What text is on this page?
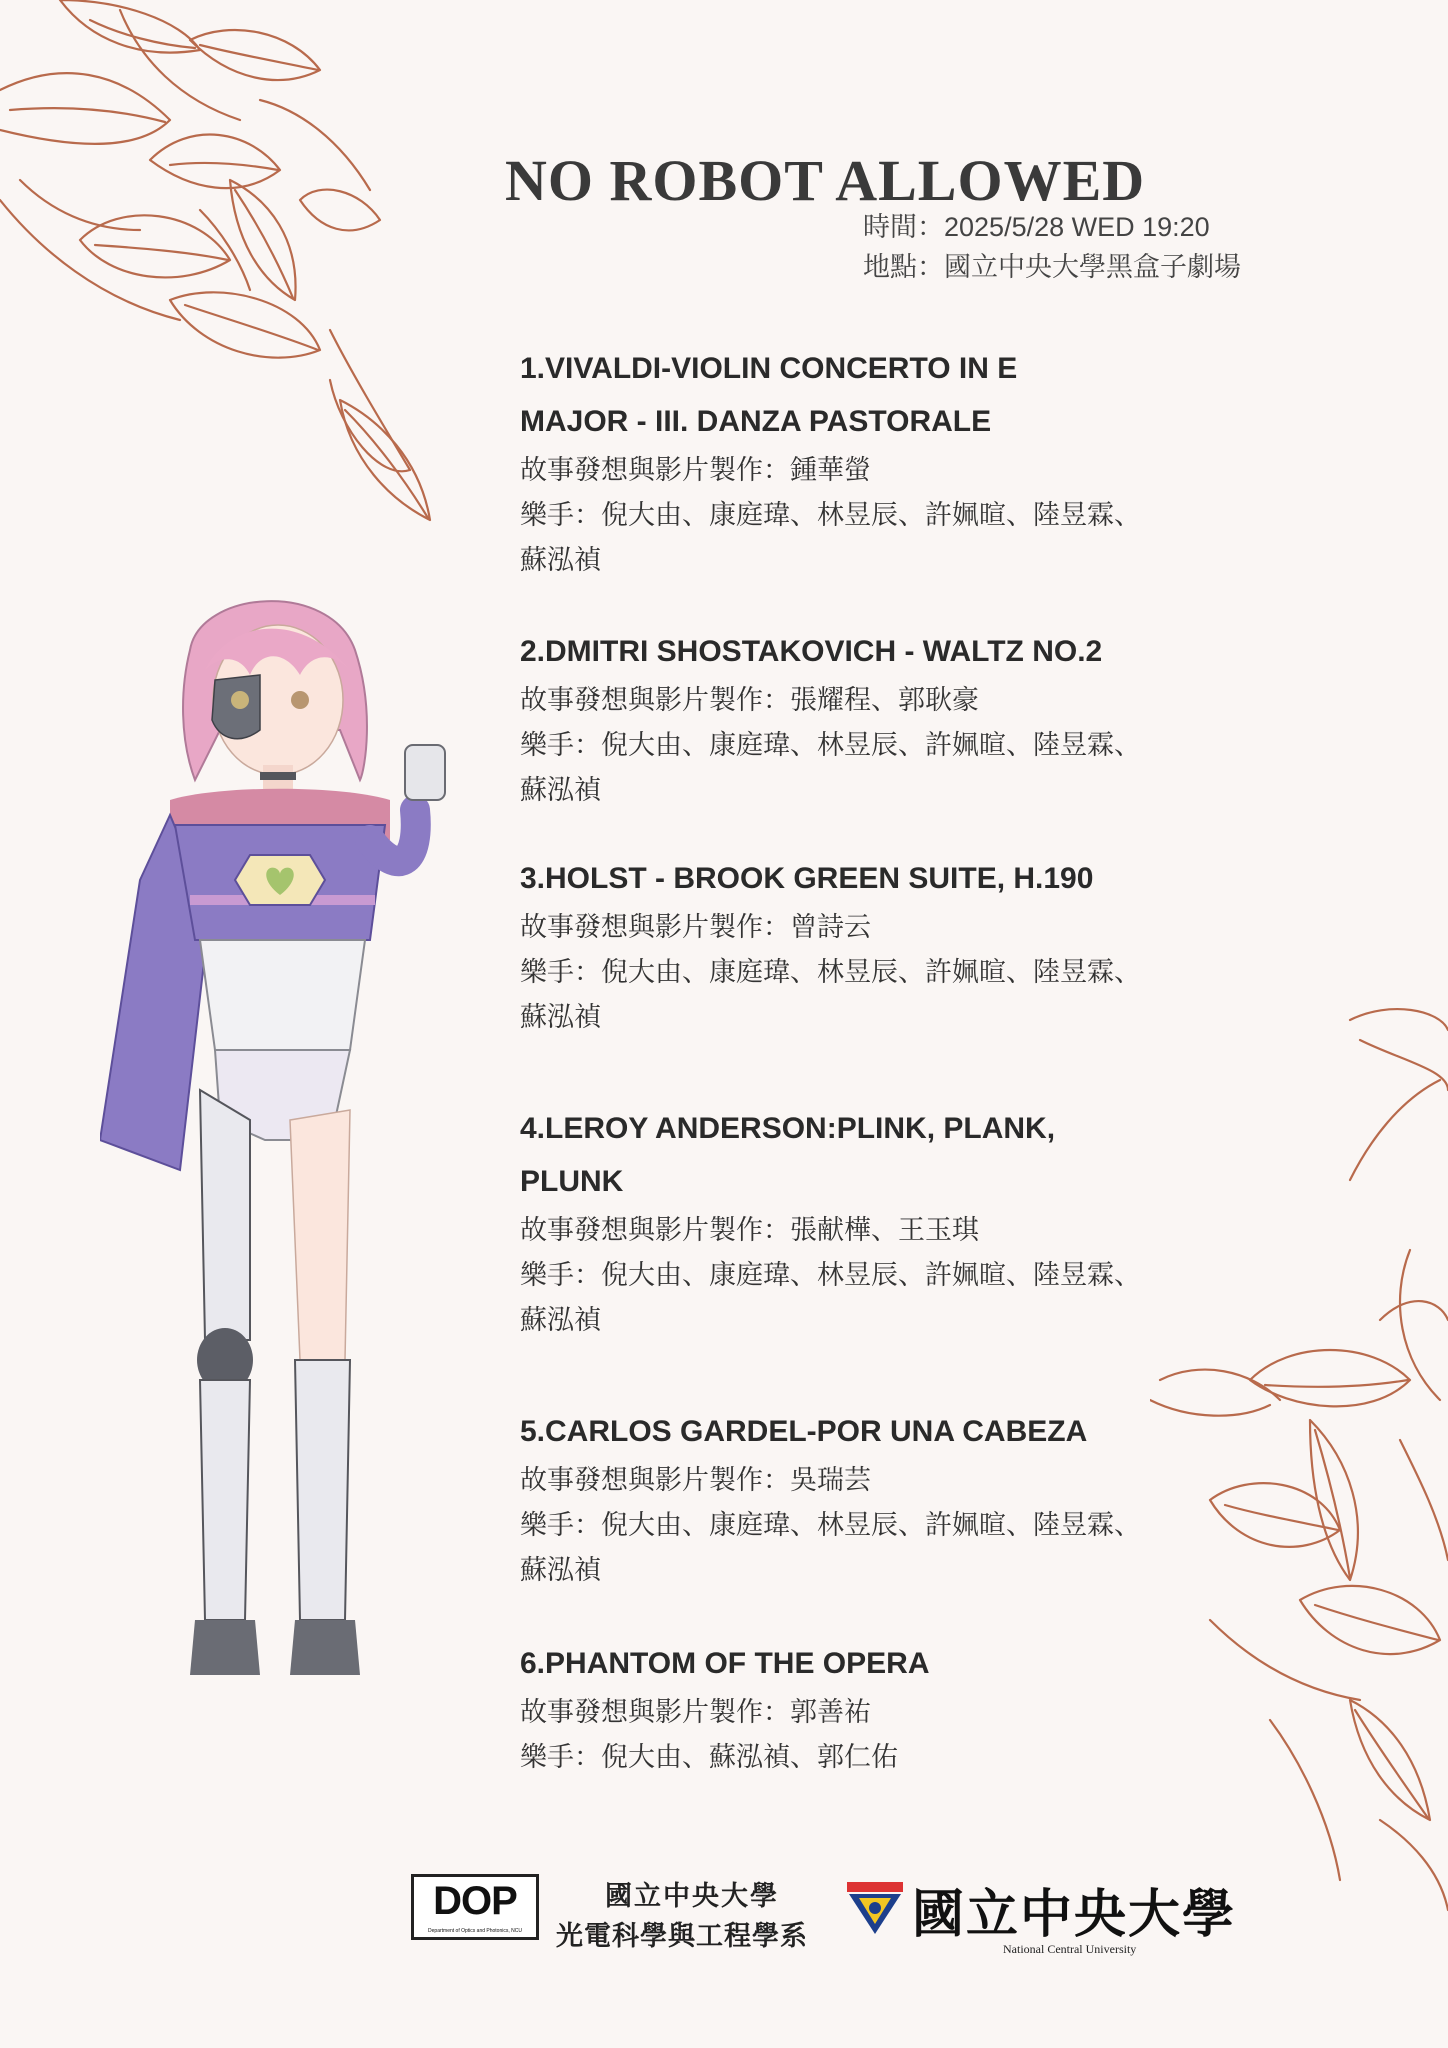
NO ROBOT ALLOWED
時間：2025/5/28 WED 19:20
地點：國立中央大學黑盒子劇場
1.VIVALDI-VIOLIN CONCERTO IN E
MAJOR - III. DANZA PASTORALE
故事發想與影片製作：鍾華螢
樂手：倪大由、康庭瑋、林昱辰、許姵暄、陸昱霖、
蘇泓禎
2.DMITRI SHOSTAKOVICH - WALTZ NO.2
故事發想與影片製作：張耀程、郭耿豪
樂手：倪大由、康庭瑋、林昱辰、許姵暄、陸昱霖、
蘇泓禎
3.HOLST - BROOK GREEN SUITE, H.190
故事發想與影片製作：曾詩云
樂手：倪大由、康庭瑋、林昱辰、許姵暄、陸昱霖、
蘇泓禎
4.LEROY ANDERSON:PLINK, PLANK,
PLUNK
故事發想與影片製作：張献樺、王玉琪
樂手：倪大由、康庭瑋、林昱辰、許姵暄、陸昱霖、
蘇泓禎
5.CARLOS GARDEL-POR UNA CABEZA
故事發想與影片製作：吳瑞芸
樂手：倪大由、康庭瑋、林昱辰、許姵暄、陸昱霖、
蘇泓禎
6.PHANTOM OF THE OPERA
故事發想與影片製作：郭善祐
樂手：倪大由、蘇泓禎、郭仁佑
DOP
Department of Optics and Photonics, NCU
國立中央大學
光電科學與工程學系 國立中央大學
National Central University
